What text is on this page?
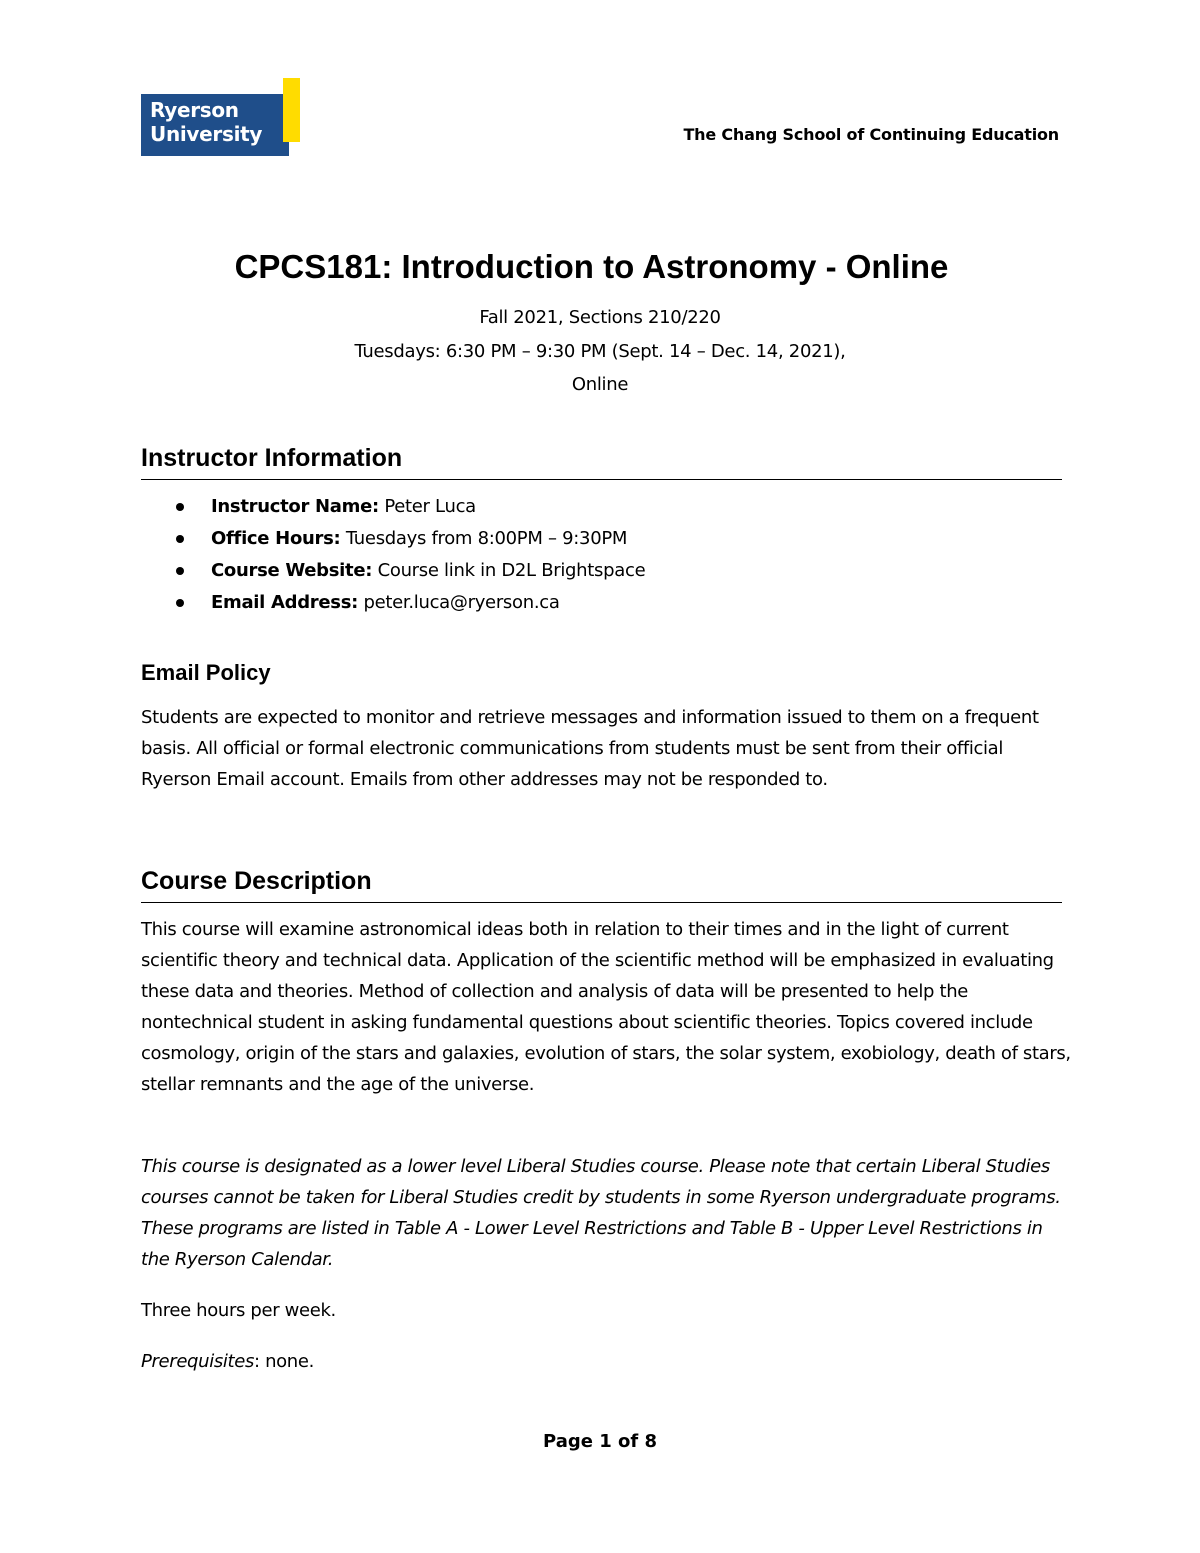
Ryerson
University	The Chang School of Continuing Education
CPCS181: Introduction to Astronomy - Online
Fall 2021, Sections 210/220
Tuesdays: 6:30 PM – 9:30 PM (Sept. 14 – Dec. 14, 2021),
Online
Instructor Information
Instructor Name: Peter Luca
Office Hours: Tuesdays from 8:00PM – 9:30PM
Course Website: Course link in D2L Brightspace
Email Address: peter.luca@ryerson.ca
Email Policy

Students are expected to monitor and retrieve messages and information issued to them on a frequent basis. All official or formal electronic communications from students must be sent from their official Ryerson Email account. Emails from other addresses may not be responded to.

Course Description

This course will examine astronomical ideas both in relation to their times and in the light of current scientific theory and technical data. Application of the scientific method will be emphasized in evaluating these data and theories. Method of collection and analysis of data will be presented to help the nontechnical student in asking fundamental questions about scientific theories. Topics covered include cosmology, origin of the stars and galaxies, evolution of stars, the solar system, exobiology, death of stars, stellar remnants and the age of the universe.

This course is designated as a lower level Liberal Studies course. Please note that certain Liberal Studies courses cannot be taken for Liberal Studies credit by students in some Ryerson undergraduate programs. These programs are listed in Table A - Lower Level Restrictions and Table B - Upper Level Restrictions in the Ryerson Calendar.

Three hours per week.

Prerequisites: none.

Page 1 of 8
